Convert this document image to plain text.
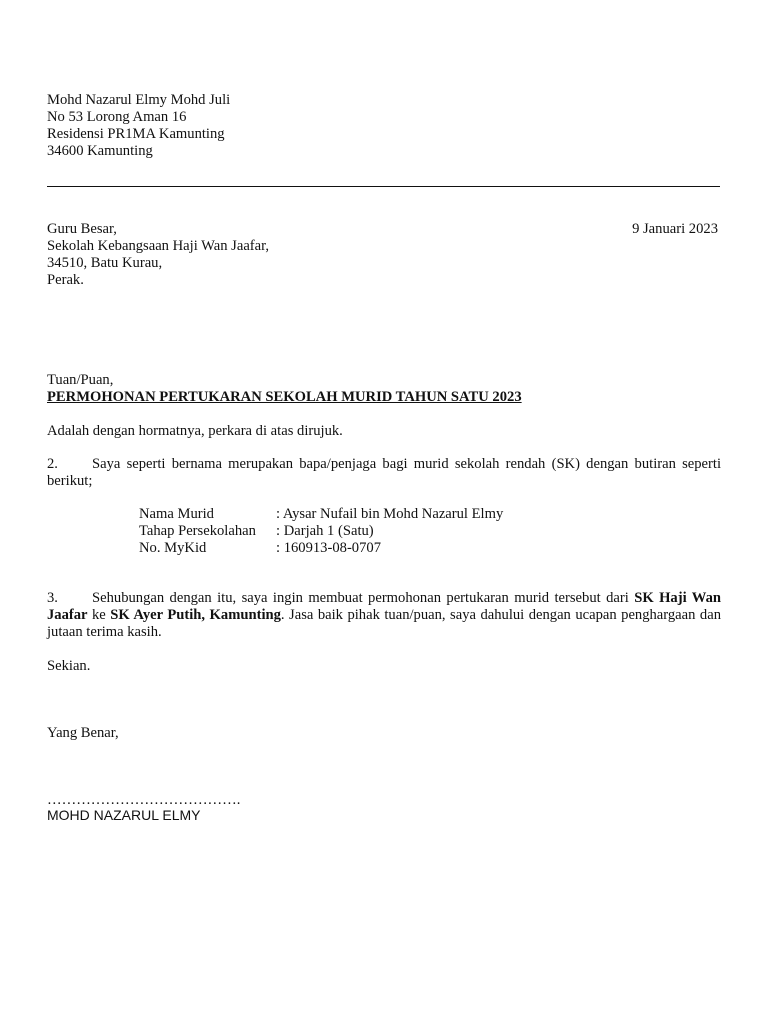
Mohd Nazarul Elmy Mohd Juli
No 53 Lorong Aman 16
Residensi PR1MA Kamunting
34600 Kamunting
Guru Besar,
Sekolah Kebangsaan Haji Wan Jaafar,
34510, Batu Kurau,
Perak.
9 Januari 2023
Tuan/Puan,
PERMOHONAN PERTUKARAN SEKOLAH MURID TAHUN SATU 2023
Adalah dengan hormatnya, perkara di atas dirujuk.
2. Saya seperti bernama merupakan bapa/penjaga bagi murid sekolah rendah (SK) dengan butiran seperti berikut;
Nama Murid	: Aysar Nufail bin Mohd Nazarul Elmy
Tahap Persekolahan	: Darjah 1 (Satu)
No. MyKid	: 160913-08-0707
3. Sehubungan dengan itu, saya ingin membuat permohonan pertukaran murid tersebut dari SK Haji Wan Jaafar ke SK Ayer Putih, Kamunting. Jasa baik pihak tuan/puan, saya dahului dengan ucapan penghargaan dan jutaan terima kasih.
Sekian.
Yang Benar,
………………………………….
MOHD NAZARUL ELMY
